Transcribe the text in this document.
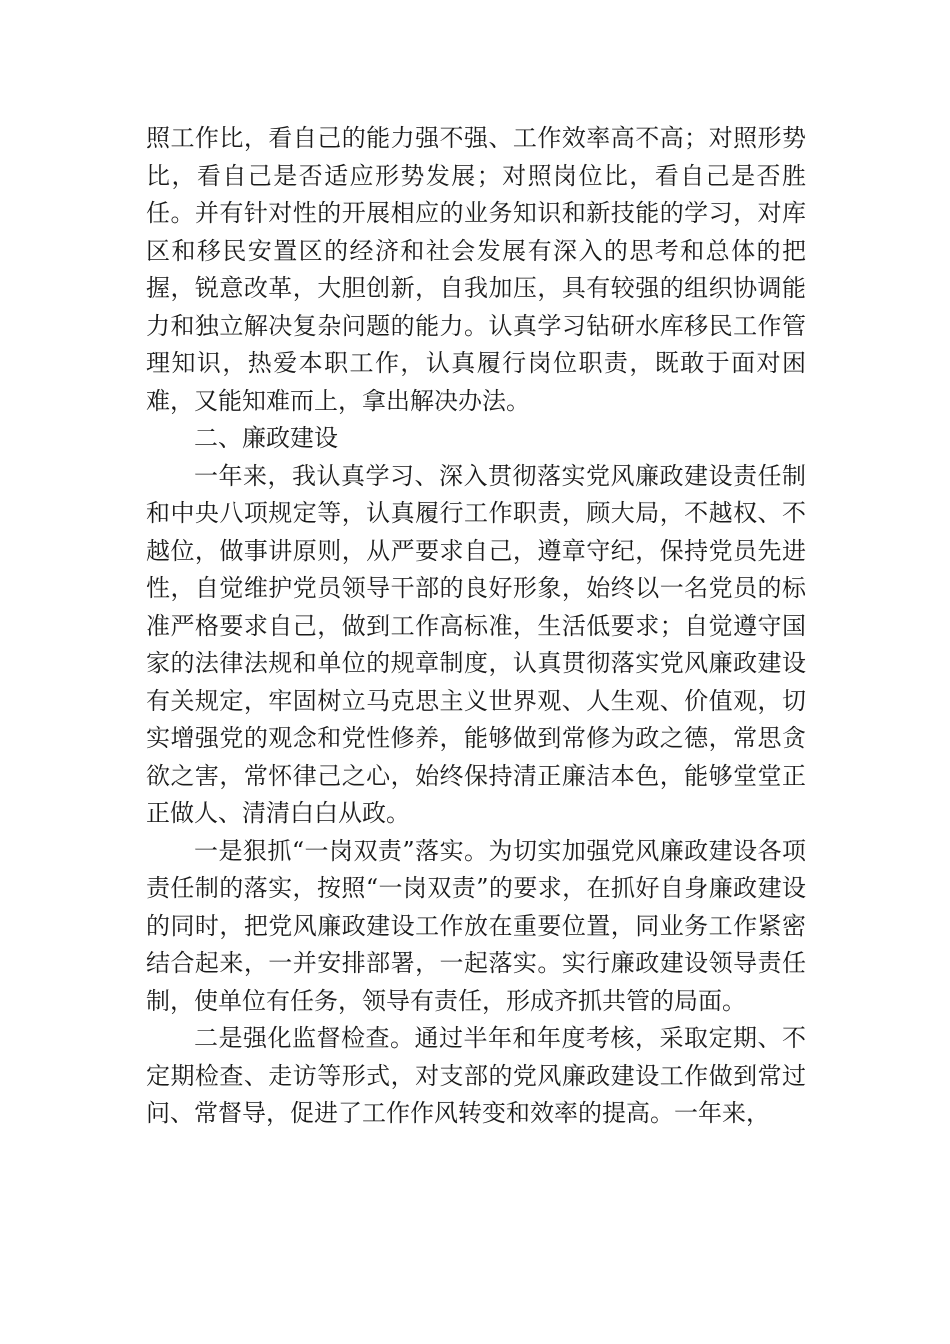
照工作比，看自己的能力强不强、工作效率高不高；对照形势比，看自己是否适应形势发展；对照岗位比，看自己是否胜任。并有针对性的开展相应的业务知识和新技能的学习，对库区和移民安置区的经济和社会发展有深入的思考和总体的把握，锐意改革，大胆创新，自我加压，具有较强的组织协调能力和独立解决复杂问题的能力。认真学习钻研水库移民工作管理知识，热爱本职工作，认真履行岗位职责，既敢于面对困难，又能知难而上，拿出解决办法。

二、廉政建设

一年来，我认真学习、深入贯彻落实党风廉政建设责任制和中央八项规定等，认真履行工作职责，顾大局，不越权、不越位，做事讲原则，从严要求自己，遵章守纪，保持党员先进性，自觉维护党员领导干部的良好形象，始终以一名党员的标准严格要求自己，做到工作高标准，生活低要求；自觉遵守国家的法律法规和单位的规章制度，认真贯彻落实党风廉政建设有关规定，牢固树立马克思主义世界观、人生观、价值观，切实增强党的观念和党性修养，能够做到常修为政之德，常思贪欲之害，常怀律己之心，始终保持清正廉洁本色，能够堂堂正正做人、清清白白从政。

一是狠抓“一岗双责”落实。为切实加强党风廉政建设各项责任制的落实，按照“一岗双责”的要求，在抓好自身廉政建设的同时，把党风廉政建设工作放在重要位置，同业务工作紧密结合起来，一并安排部署，一起落实。实行廉政建设领导责任制，使单位有任务，领导有责任，形成齐抓共管的局面。

二是强化监督检查。通过半年和年度考核，采取定期、不定期检查、走访等形式，对支部的党风廉政建设工作做到常过问、常督导，促进了工作作风转变和效率的提高。一年来，
